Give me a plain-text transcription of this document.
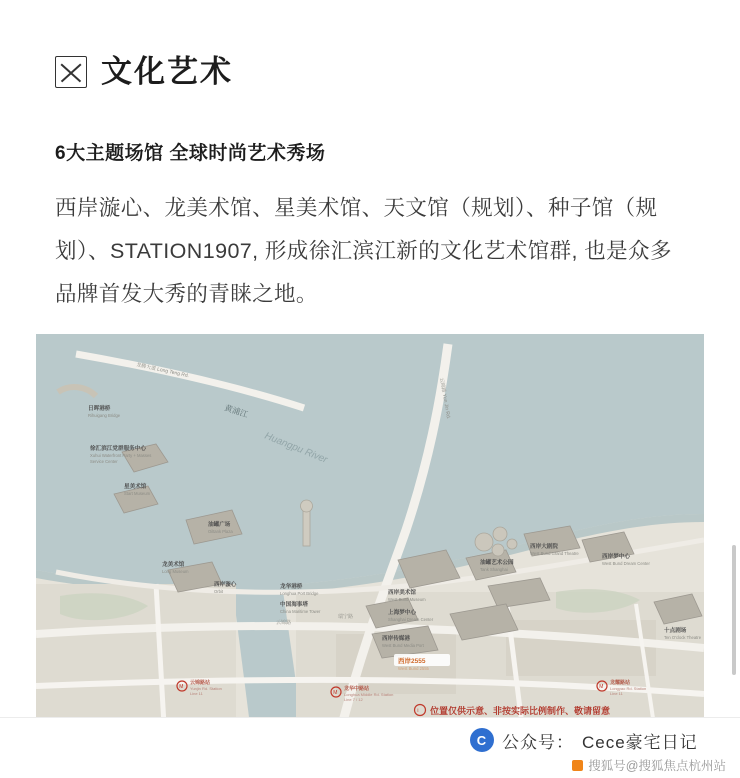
文化艺术
6大主题场馆 全球时尚艺术秀场

西岸漩心、龙美术馆、星美术馆、天文馆（规划）、种子馆（规划）、STATION1907, 形成徐汇滨江新的文化艺术馆群, 也是众多品牌首发大秀的青睐之地。

黄浦江
Huangpu River
龙腾大道 Long Teng Rd.
云锦路 Yun Jin Rd.
瑞宁路
云锦路
日晖港桥
Rihuigang Bridge
徐汇滨江党群服务中心
Xuhui Waterfront Party + Masses
Service Center
星美术馆
Start Museum
油罐广场
Oiltank Plaza
龙美术馆
Long Museum
西岸漩心
Orbit
龙华港桥
Longhua Port Bridge
中国海事塔
China Maritime Tower
西岸美术馆
West Bund Museum
上海梦中心
Shanghai Dream Center
油罐艺术公园
Tank Shanghai
西岸大剧院
West Bund Grand Theatre
西岸梦中心
West Bund Dream Center
十点剧场
Ten O'clock Theatre
西岸传媒港
West Bund Media Port
西岸2555
West Bund 2555
M
云锦路站
Yunjin Rd. Station
Line 11	M
龙华中路站
Longhua Middle Rd. Station
Line 7 / 12
M
龙耀路站
Longyao Rd. Station
Line 11
i 位置仅供示意、非按实际比例制作、敬请留意
C 公众号： Cece豪宅日记
搜狐号@搜狐焦点杭州站
